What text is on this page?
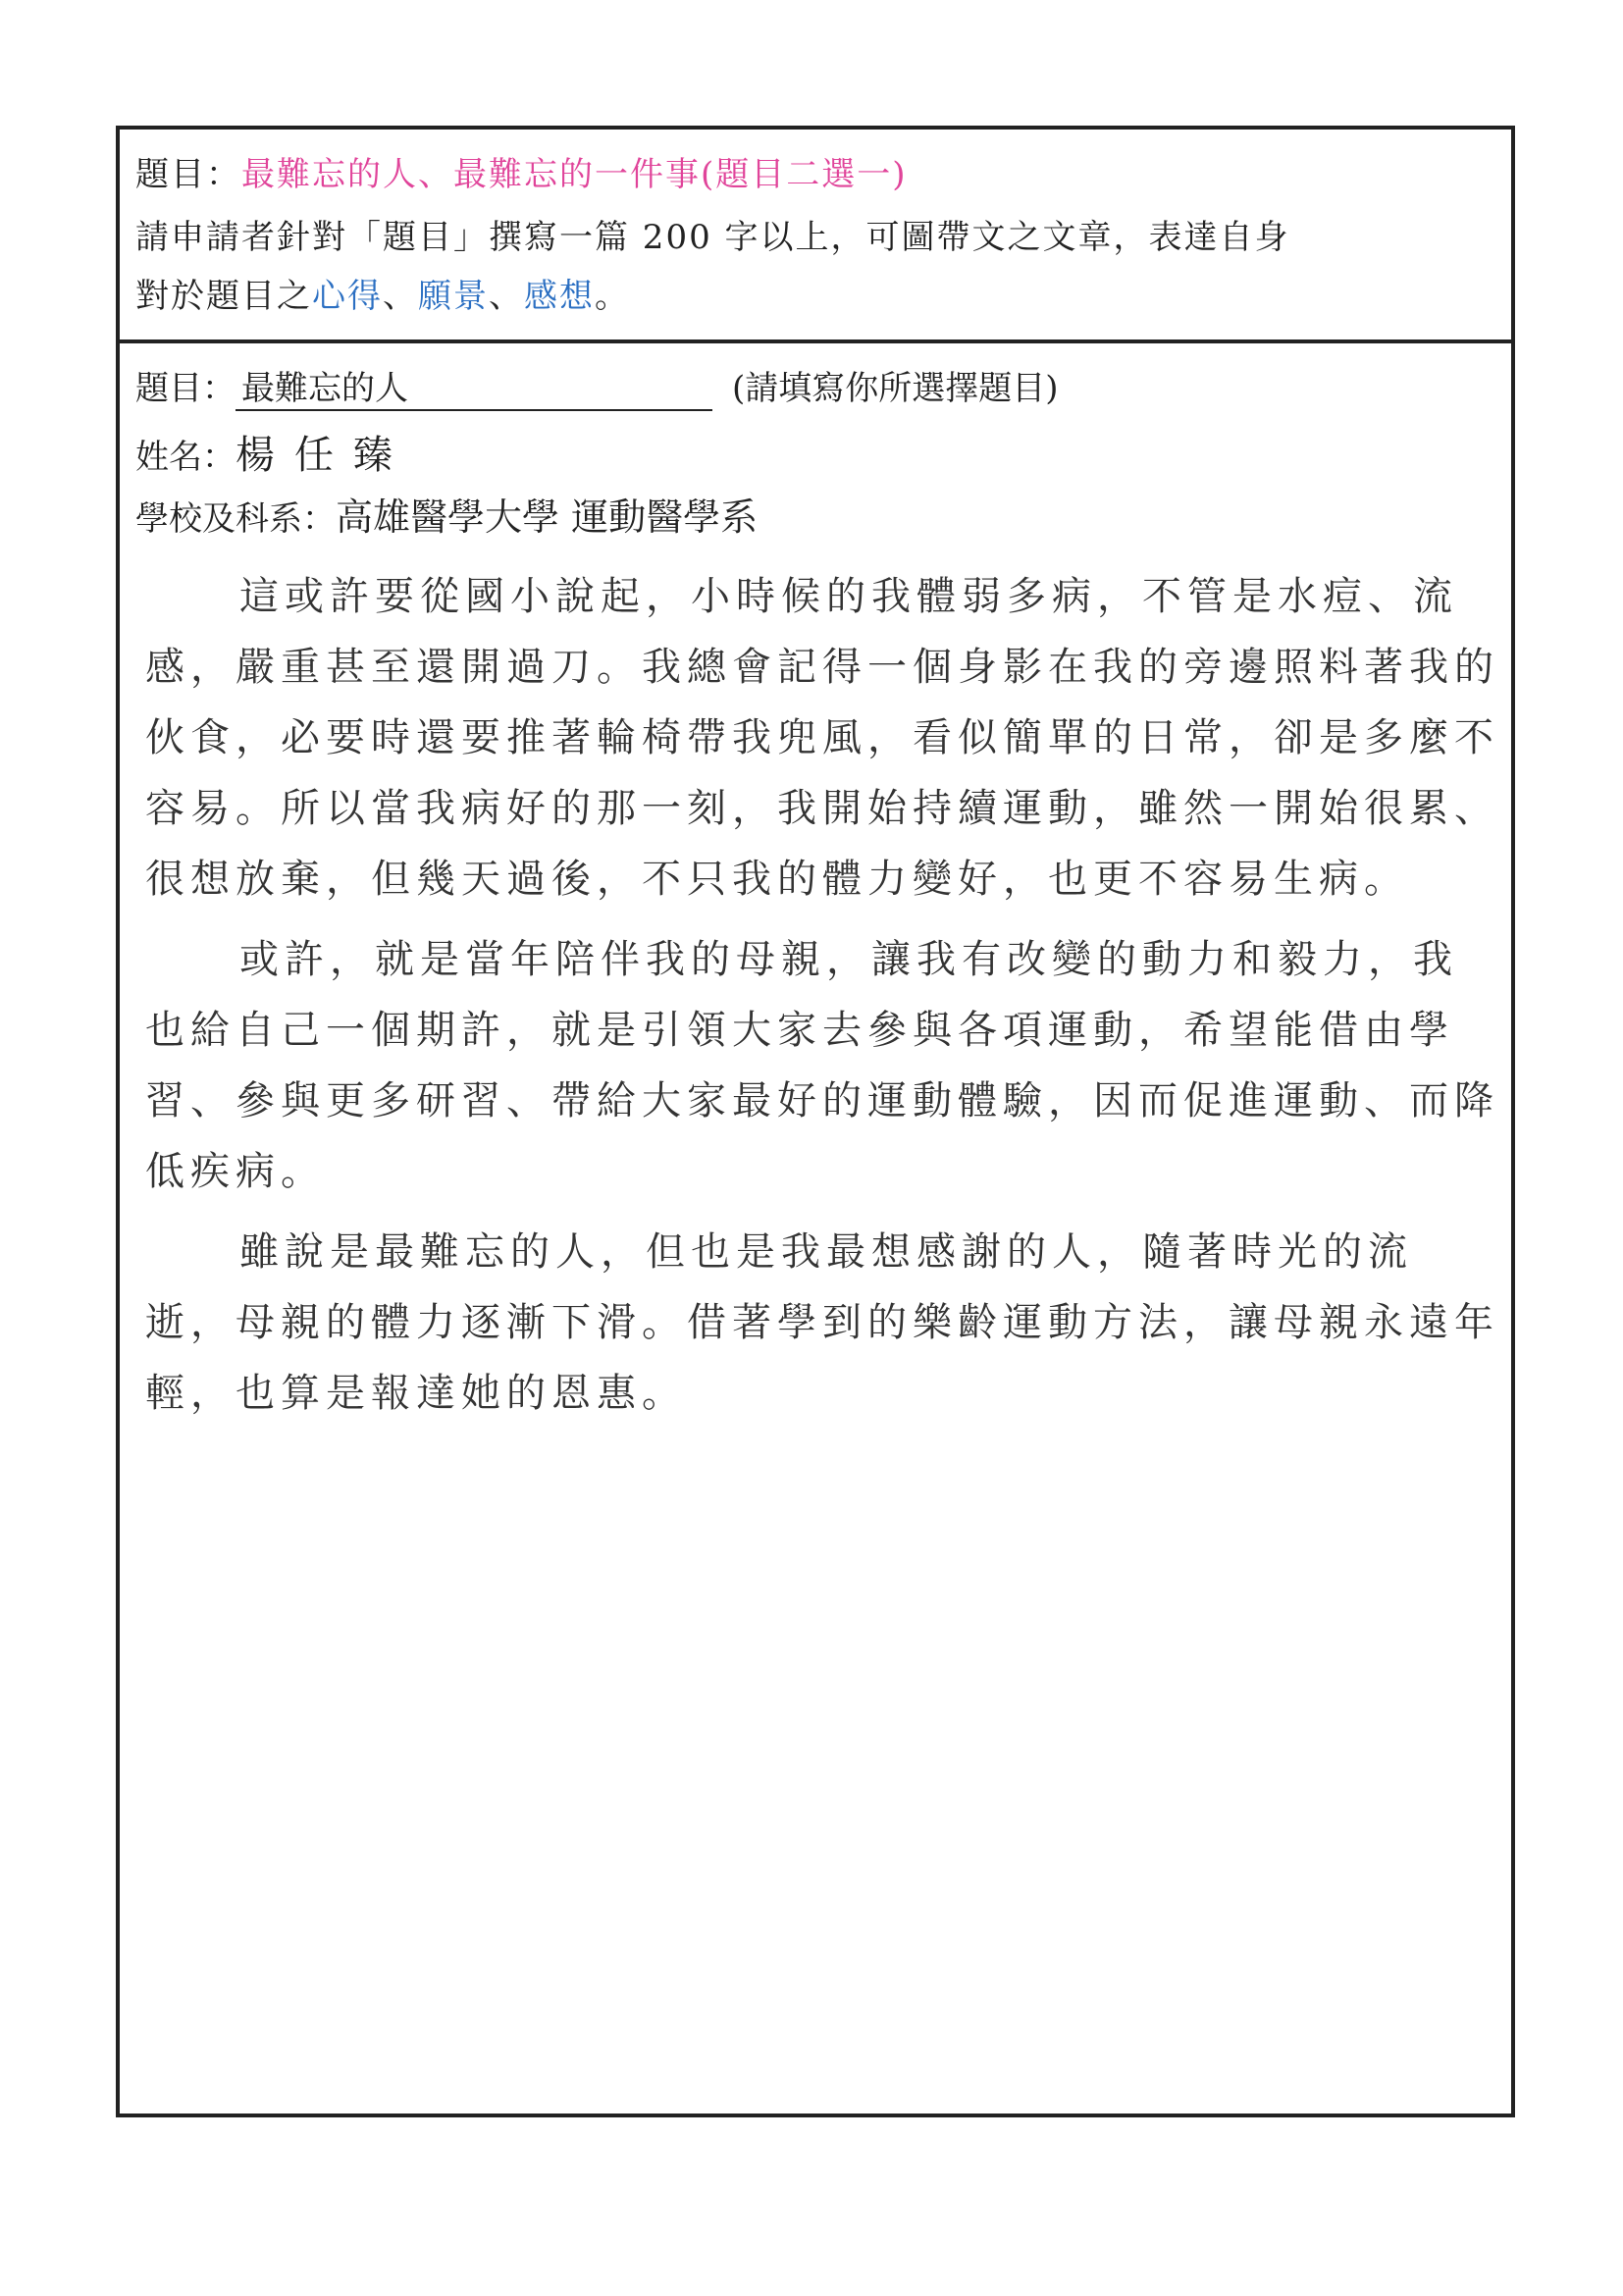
題目：最難忘的人、最難忘的一件事(題目二選一)
請申請者針對「題目」撰寫一篇 200 字以上，可圖帶文之文章，表達自身
對於題目之心得、願景、感想。
題目： 最難忘的人	(請填寫你所選擇題目)
姓名：楊任臻
學校及科系：高雄醫學大學 運動醫學系

這或許要從國小說起，小時候的我體弱多病，不管是水痘、流感，嚴重甚至還開過刀。我總會記得一個身影在我的旁邊照料著我的伙食，必要時還要推著輪椅帶我兜風，看似簡單的日常，卻是多麼不容易。所以當我病好的那一刻，我開始持續運動，雖然一開始很累、很想放棄，但幾天過後，不只我的體力變好，也更不容易生病。

或許，就是當年陪伴我的母親，讓我有改變的動力和毅力，我也給自己一個期許，就是引領大家去參與各項運動，希望能借由學習、參與更多研習、帶給大家最好的運動體驗，因而促進運動、而降低疾病。

雖說是最難忘的人，但也是我最想感謝的人，隨著時光的流逝，母親的體力逐漸下滑。借著學到的樂齡運動方法，讓母親永遠年輕，也算是報達她的恩惠。
